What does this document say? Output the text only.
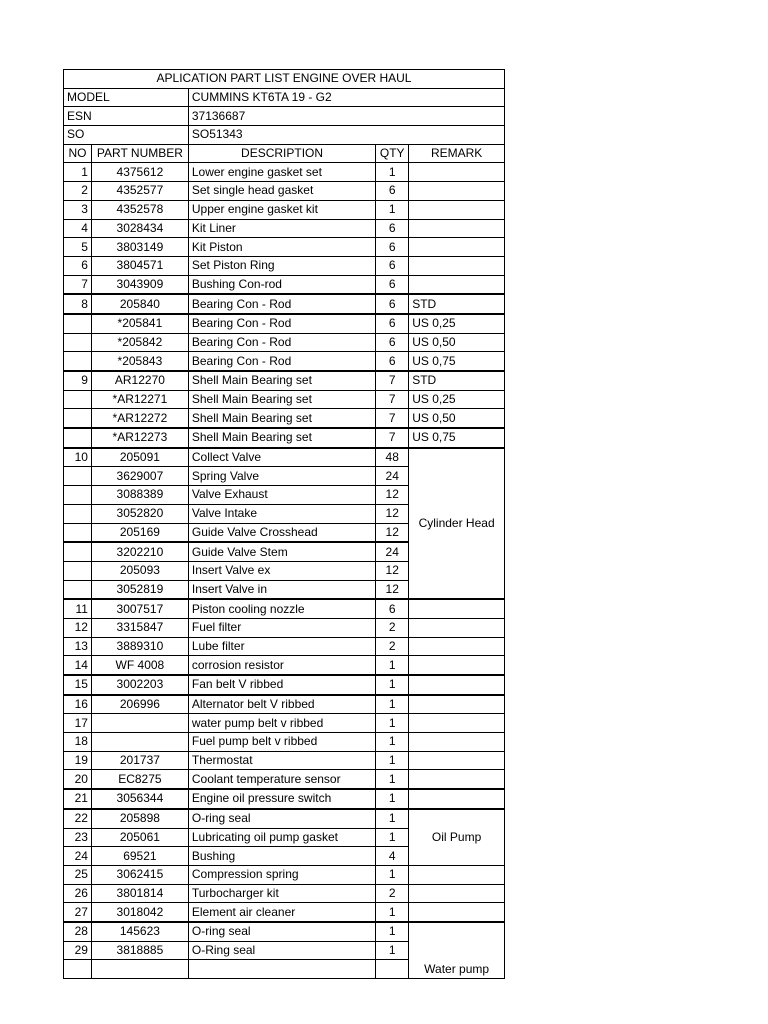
APLICATION PART LIST ENGINE OVER HAUL				
MODEL		CUMMINS KT6TA 19 - G2		
ESN		37136687		
SO		SO51343		
NO	PART NUMBER	DESCRIPTION	QTY	REMARK
1	4375612	Lower engine gasket set	1	
2	4352577	Set single head gasket	6	
3	4352578	Upper engine gasket kit	1	
4	3028434	Kit Liner	6	
5	3803149	Kit Piston	6	
6	3804571	Set Piston Ring	6	
7	3043909	Bushing Con-rod	6	
8	205840	Bearing Con - Rod	6	STD
	*205841	Bearing Con - Rod	6	US 0,25
	*205842	Bearing Con - Rod	6	US 0,50
	*205843	Bearing Con - Rod	6	US 0,75
9	AR12270	Shell Main Bearing set	7	STD
	*AR12271	Shell Main Bearing set	7	US 0,25
	*AR12272	Shell Main Bearing set	7	US 0,50
	*AR12273	Shell Main Bearing set	7	US 0,75
10	205091	Collect Valve	48	Cylinder Head
	3629007	Spring Valve	24	
	3088389	Valve Exhaust	12	
	3052820	Valve Intake	12	
	205169	Guide Valve Crosshead	12	
	3202210	Guide Valve Stem	24	
	205093	Insert Valve ex	12	
	3052819	Insert Valve in	12	
11	3007517	Piston cooling nozzle	6	
12	3315847	Fuel filter	2	
13	3889310	Lube filter	2	
14	WF 4008	corrosion resistor	1	
15	3002203	Fan belt V ribbed	1	
16	206996	Alternator belt V ribbed	1	
17		water pump belt v ribbed	1	
18		Fuel pump belt v ribbed	1	
19	201737	Thermostat	1	
20	EC8275	Coolant temperature sensor	1	
21	3056344	Engine oil pressure switch	1	
22	205898	O-ring seal	1	Oil Pump
23	205061	Lubricating oil pump gasket	1	
24	69521	Bushing	4	
25	3062415	Compression spring	1	
26	3801814	Turbocharger kit	2	
27	3018042	Element air cleaner	1	
28	145623	O-ring seal	1	Water pump
29	3818885	O-Ring seal	1	
